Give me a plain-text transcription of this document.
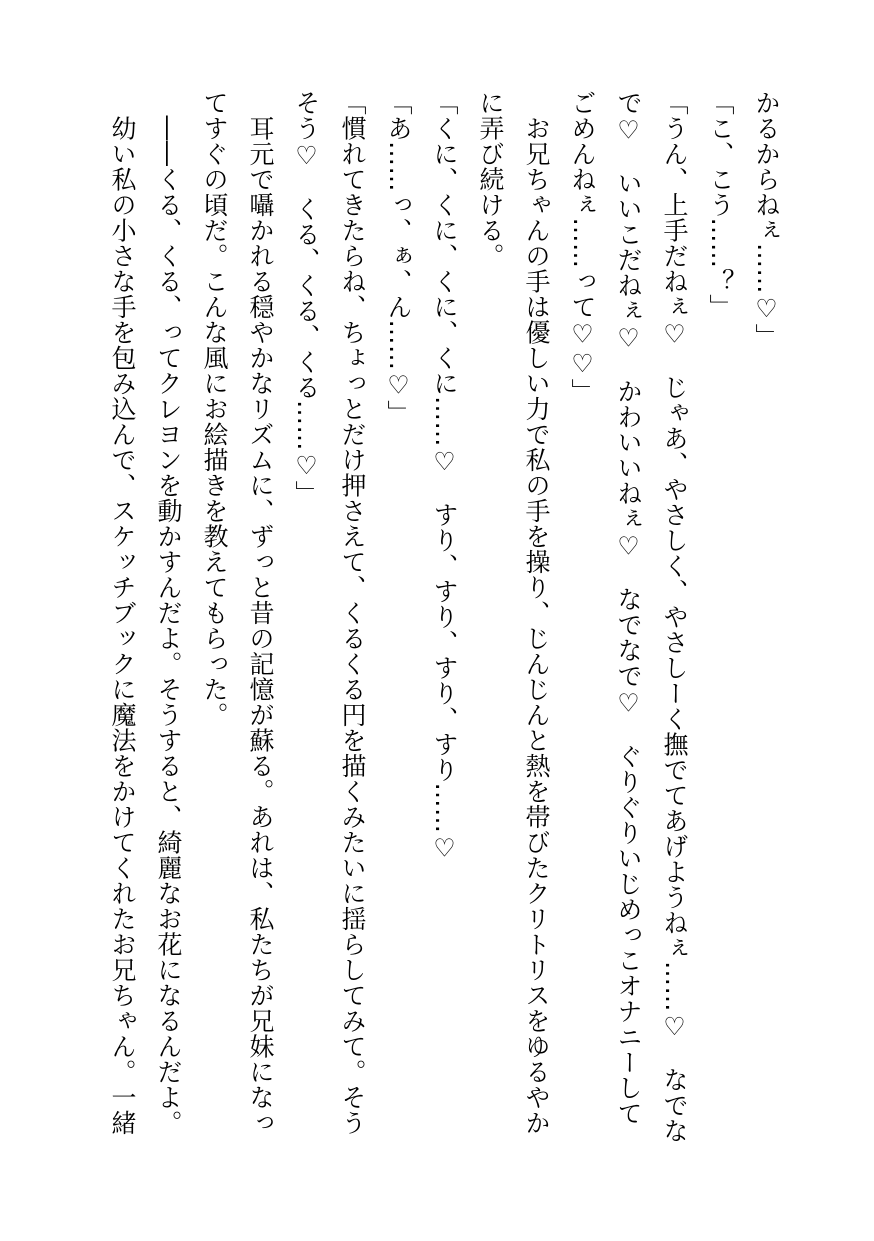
かるからねぇ……♡」
「こ、こう……？」
「うん、上手だねぇ♡　じゃあ、やさしく、やさしーく撫でてあげようねぇ……♡　なでな
で♡　いいこだねぇ♡　かわいいねぇ♡　なでなで♡　ぐりぐりいじめっこオナニーして
ごめんねぇ……って♡♡」
　お兄ちゃんの手は優しい力で私の手を操り、じんじんと熱を帯びたクリトリスをゆるやか
に弄び続ける。
「くに、くに、くに、くに……♡　すり、すり、すり、すり……♡
「あ……っ、ぁ、ん……♡」
「慣れてきたらね、ちょっとだけ押さえて、くるくる円を描くみたいに揺らしてみて。そう
そう♡　くる、くる、くる……♡」
　耳元で囁かれる穏やかなリズムに、ずっと昔の記憶が蘇る。あれは、私たちが兄妹になっ
てすぐの頃だ。こんな風にお絵描きを教えてもらった。
　――くる、くる、ってクレヨンを動かすんだよ。そうすると、綺麗なお花になるんだよ。
　幼い私の小さな手を包み込んで、スケッチブックに魔法をかけてくれたお兄ちゃん。一緒
